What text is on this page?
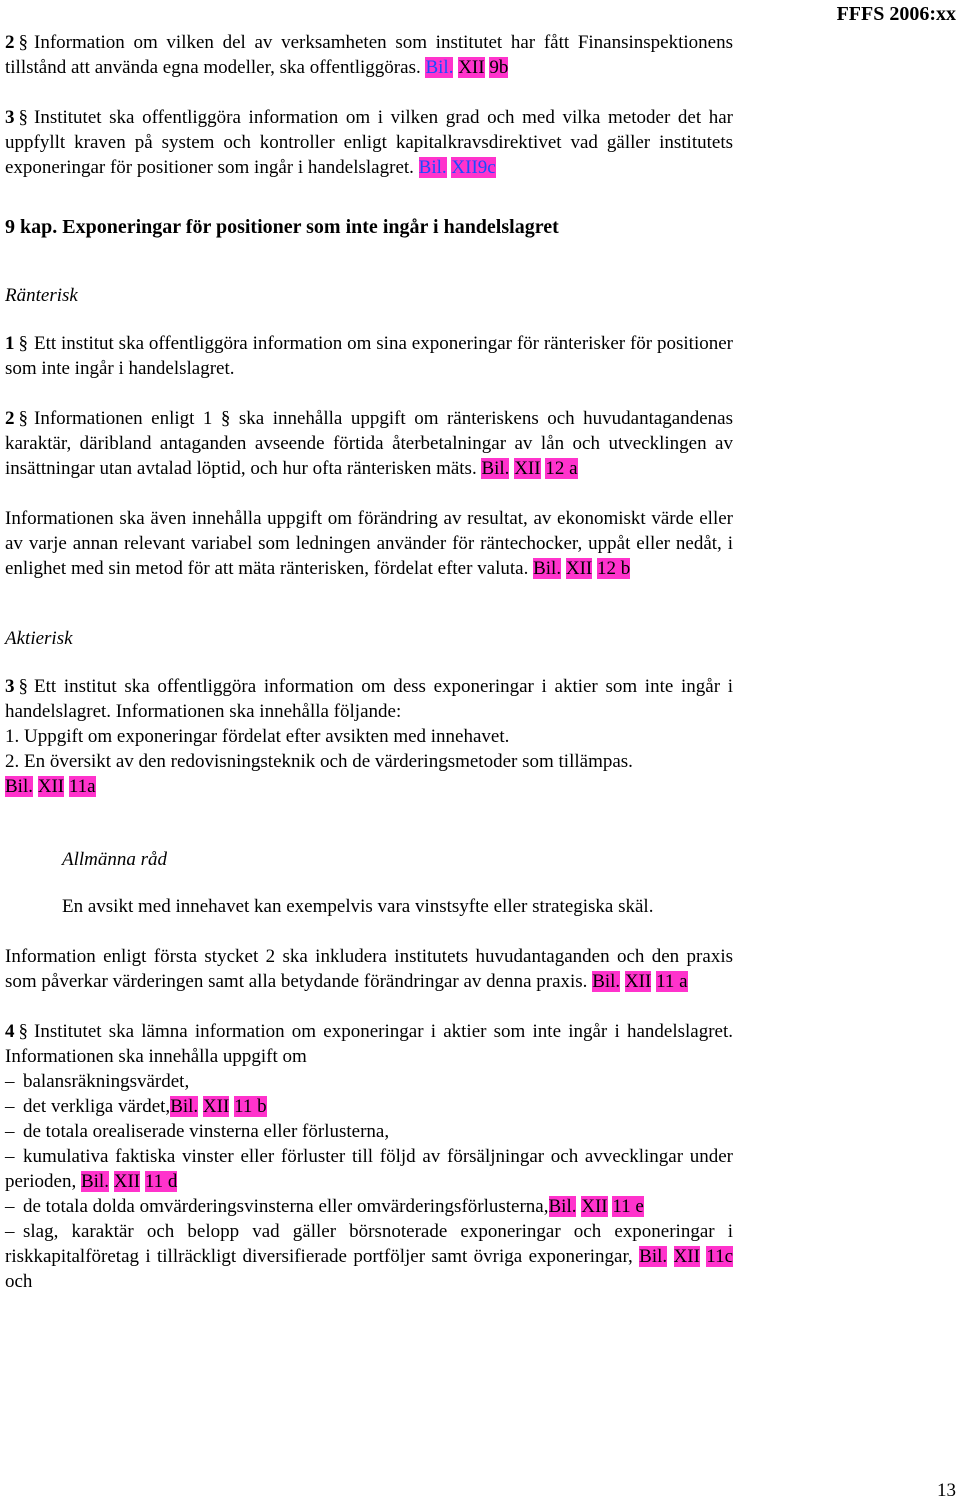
FFFS 2006:xx

2 § Information om vilken del av verksamheten som institutet har fått Finansinspektionens tillstånd att använda egna modeller, ska offentliggöras. Bil. XII 9b

3 § Institutet ska offentliggöra information om i vilken grad och med vilka metoder det har uppfyllt kraven på system och kontroller enligt kapitalkravsdirektivet vad gäller institutets exponeringar för positioner som ingår i handelslagret. Bil. XII9c

9 kap. Exponeringar för positioner som inte ingår i handelslagret

Ränterisk

1 § Ett institut ska offentliggöra information om sina exponeringar för ränterisker för positioner som inte ingår i handelslagret.

2 § Informationen enligt 1 § ska innehålla uppgift om ränteriskens och huvudantagandenas karaktär, däribland antaganden avseende förtida återbetalningar av lån och utvecklingen av insättningar utan avtalad löptid, och hur ofta ränterisken mäts. Bil. XII 12 a

Informationen ska även innehålla uppgift om förändring av resultat, av ekonomiskt värde eller av varje annan relevant variabel som ledningen använder för räntechocker, uppåt eller nedåt, i enlighet med sin metod för att mäta ränterisken, fördelat efter valuta. Bil. XII 12 b

Aktierisk

3 § Ett institut ska offentliggöra information om dess exponeringar i aktier som inte ingår i handelslagret. Informationen ska innehålla följande:

1. Uppgift om exponeringar fördelat efter avsikten med innehavet.

2. En översikt av den redovisningsteknik och de värderingsmetoder som tillämpas.

Bil. XII 11a

Allmänna råd

En avsikt med innehavet kan exempelvis vara vinstsyfte eller strategiska skäl.

Information enligt första stycket 2 ska inkludera institutets huvudantaganden och den praxis som påverkar värderingen samt alla betydande förändringar av denna praxis. Bil. XII 11 a

4 § Institutet ska lämna information om exponeringar i aktier som inte ingår i handelslagret. Informationen ska innehålla uppgift om

– balansräkningsvärdet,

– det verkliga värdet,Bil. XII 11 b

– de totala orealiserade vinsterna eller förlusterna,

– kumulativa faktiska vinster eller förluster till följd av försäljningar och avvecklingar under perioden, Bil. XII 11 d

– de totala dolda omvärderingsvinsterna eller omvärderingsförlusterna,Bil. XII 11 e

– slag, karaktär och belopp vad gäller börsnoterade exponeringar och exponeringar i riskkapitalföretag i tillräckligt diversifierade portföljer samt övriga exponeringar, Bil. XII 11c och

13
